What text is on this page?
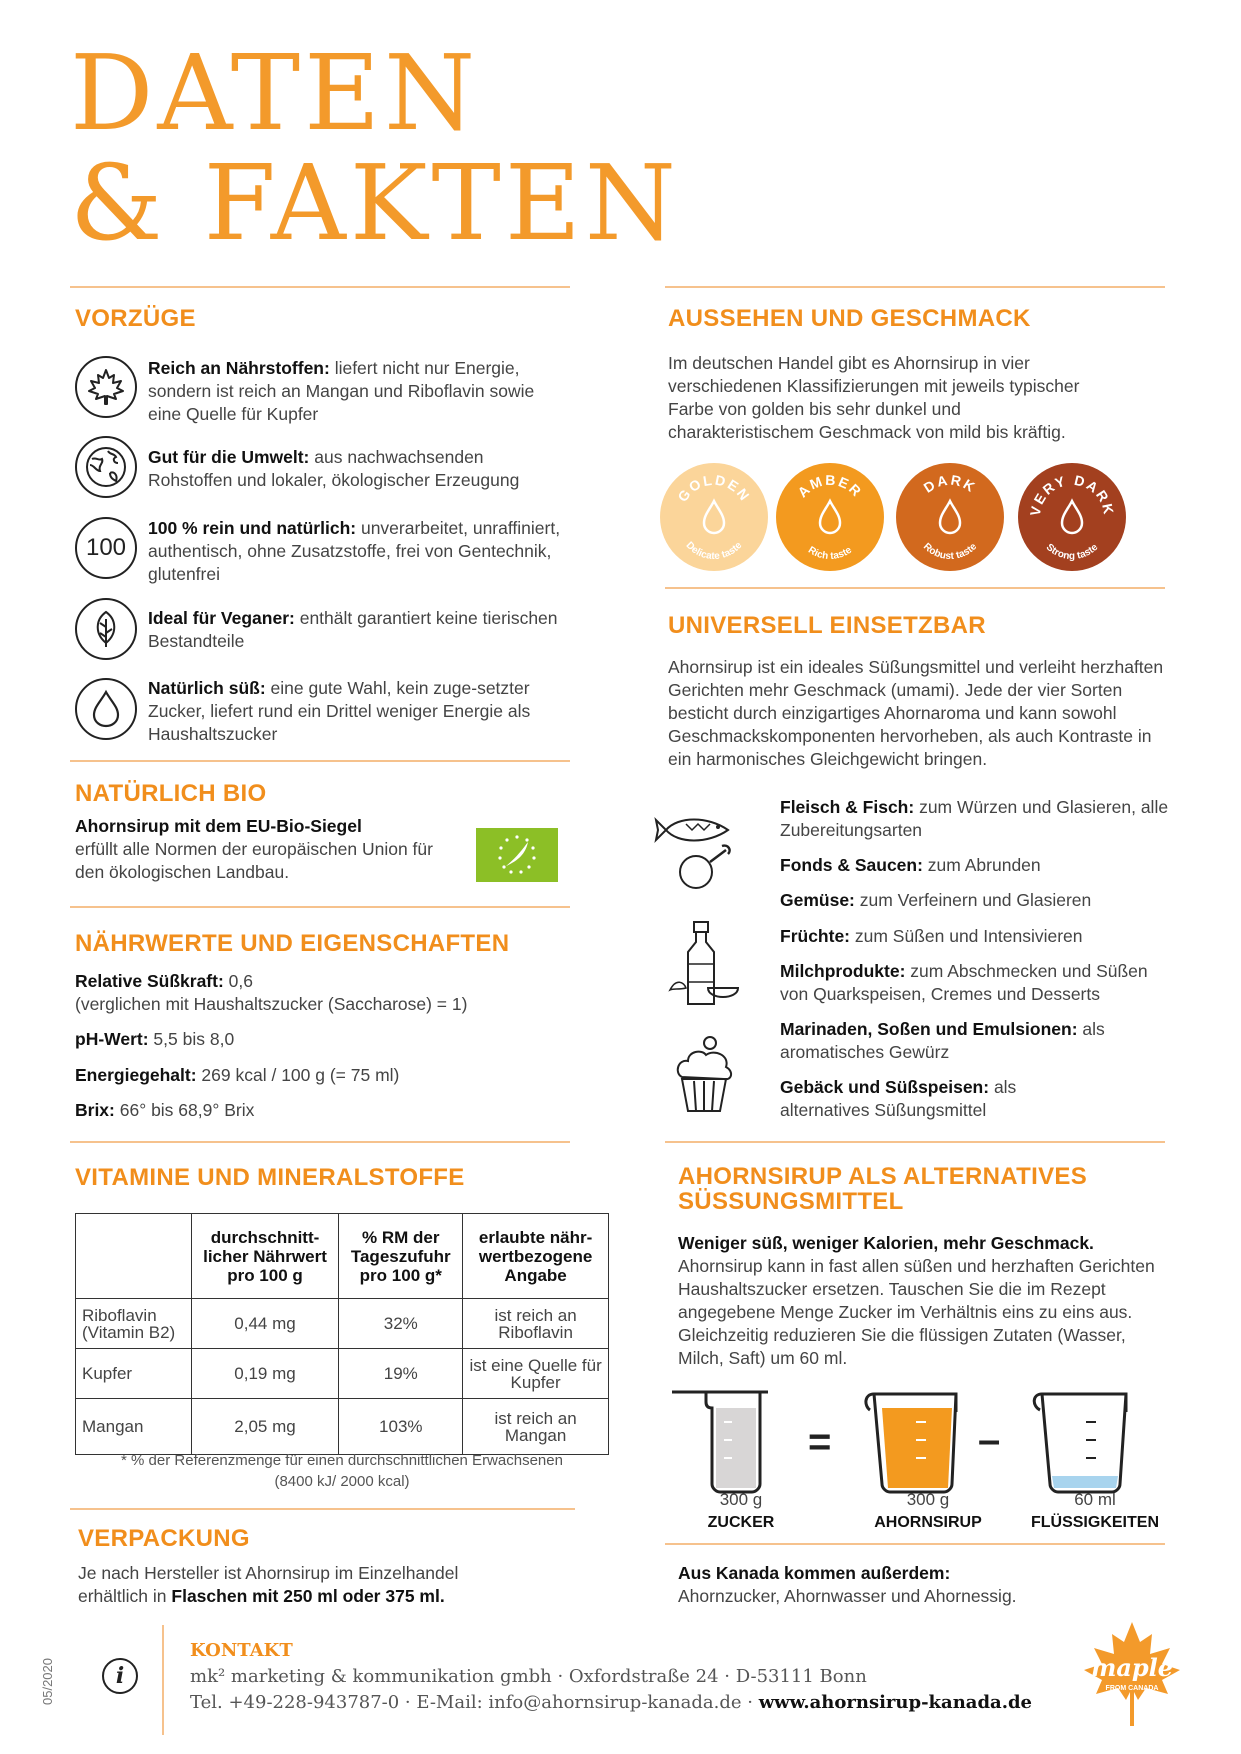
DATEN
& FAKTEN
VORZÜGE
Reich an Nährstoffen: liefert nicht nur Energie, sondern ist reich an Mangan und Riboflavin sowie eine Quelle für Kupfer
Gut für die Umwelt: aus nachwachsenden Rohstoffen und lokaler, ökologischer Erzeugung
100
100 % rein und natürlich: unverarbeitet, unraffiniert, authentisch, ohne Zusatzstoffe, frei von Gentechnik, glutenfrei
Ideal für Veganer: enthält garantiert keine tierischen Bestandteile
Natürlich süß: eine gute Wahl, kein zuge-setzter Zucker, liefert rund ein Drittel weniger Energie als Haushaltszucker
NATÜRLICH BIO
Ahornsirup mit dem EU-Bio-Siegel
erfüllt alle Normen der europäischen Union für den ökologischen Landbau.
NÄHRWERTE UND EIGENSCHAFTEN
Relative Süßkraft: 0,6
(verglichen mit Haushaltszucker (Saccharose) = 1)
pH-Wert: 5,5 bis 8,0
Energiegehalt: 269 kcal / 100 g (= 75 ml)
Brix: 66° bis 68,9° Brix
VITAMINE UND MINERALSTOFFE
	durchschnitt-licher Nährwert pro 100 g	% RM der Tageszufuhr pro 100 g*	erlaubte nähr-wertbezogene Angabe
Riboflavin (Vitamin B2)	0,44 mg	32%	ist reich an Riboflavin
Kupfer	0,19 mg	19%	ist eine Quelle für Kupfer
Mangan	2,05 mg	103%	ist reich an Mangan
* % der Referenzmenge für einen durchschnittlichen Erwachsenen
(8400 kJ/ 2000 kcal)
VERPACKUNG
Je nach Hersteller ist Ahornsirup im Einzelhandel erhältlich in Flaschen mit 250 ml oder 375 ml.
AUSSEHEN UND GESCHMACK
Im deutschen Handel gibt es Ahornsirup in vier verschiedenen Klassifizierungen mit jeweils typischer Farbe von golden bis sehr dunkel und charakteristischem Geschmack von mild bis kräftig.
GOLDEN
Delicate taste
AMBER
Rich taste
DARK
Robust taste
VERY DARK
Strong taste
UNIVERSELL EINSETZBAR
Ahornsirup ist ein ideales Süßungsmittel und verleiht herzhaften Gerichten mehr Geschmack (umami). Jede der vier Sorten besticht durch einzigartiges Ahornaroma und kann sowohl Geschmackskomponenten hervorheben, als auch Kontraste in ein harmonisches Gleichgewicht bringen.
Fleisch & Fisch: zum Würzen und Glasieren, alle Zubereitungsarten
Fonds & Saucen: zum Abrunden
Gemüse: zum Verfeinern und Glasieren
Früchte: zum Süßen und Intensivieren
Milchprodukte: zum Abschmecken und Süßen von Quarkspeisen, Cremes und Desserts
Marinaden, Soßen und Emulsionen: als aromatisches Gewürz
Gebäck und Süßspeisen: als alternatives Süßungsmittel
AHORNSIRUP ALS ALTERNATIVES
SÜSSUNGSMITTEL
Weniger süß, weniger Kalorien, mehr Geschmack.
Ahornsirup kann in fast allen süßen und herzhaften Gerichten Haushaltszucker ersetzen. Tauschen Sie die im Rezept angegebene Menge Zucker im Verhältnis eins zu eins aus. Gleichzeitig reduzieren Sie die flüssigen Zutaten (Wasser, Milch, Saft) um 60 ml.
=	–
300 g
ZUCKER
300 g
AHORNSIRUP
60 ml
FLÜSSIGKEITEN
Aus Kanada kommen außerdem:
Ahornzucker, Ahornwasser und Ahornessig.
05/2020	i
KONTAKT
mk² marketing & kommunikation gmbh · Oxfordstraße 24 · D-53111 Bonn
Tel. +49-228-943787-0 · E-Mail: info@ahornsirup-kanada.de · www.ahornsirup-kanada.de
maple
FROM CANADA
